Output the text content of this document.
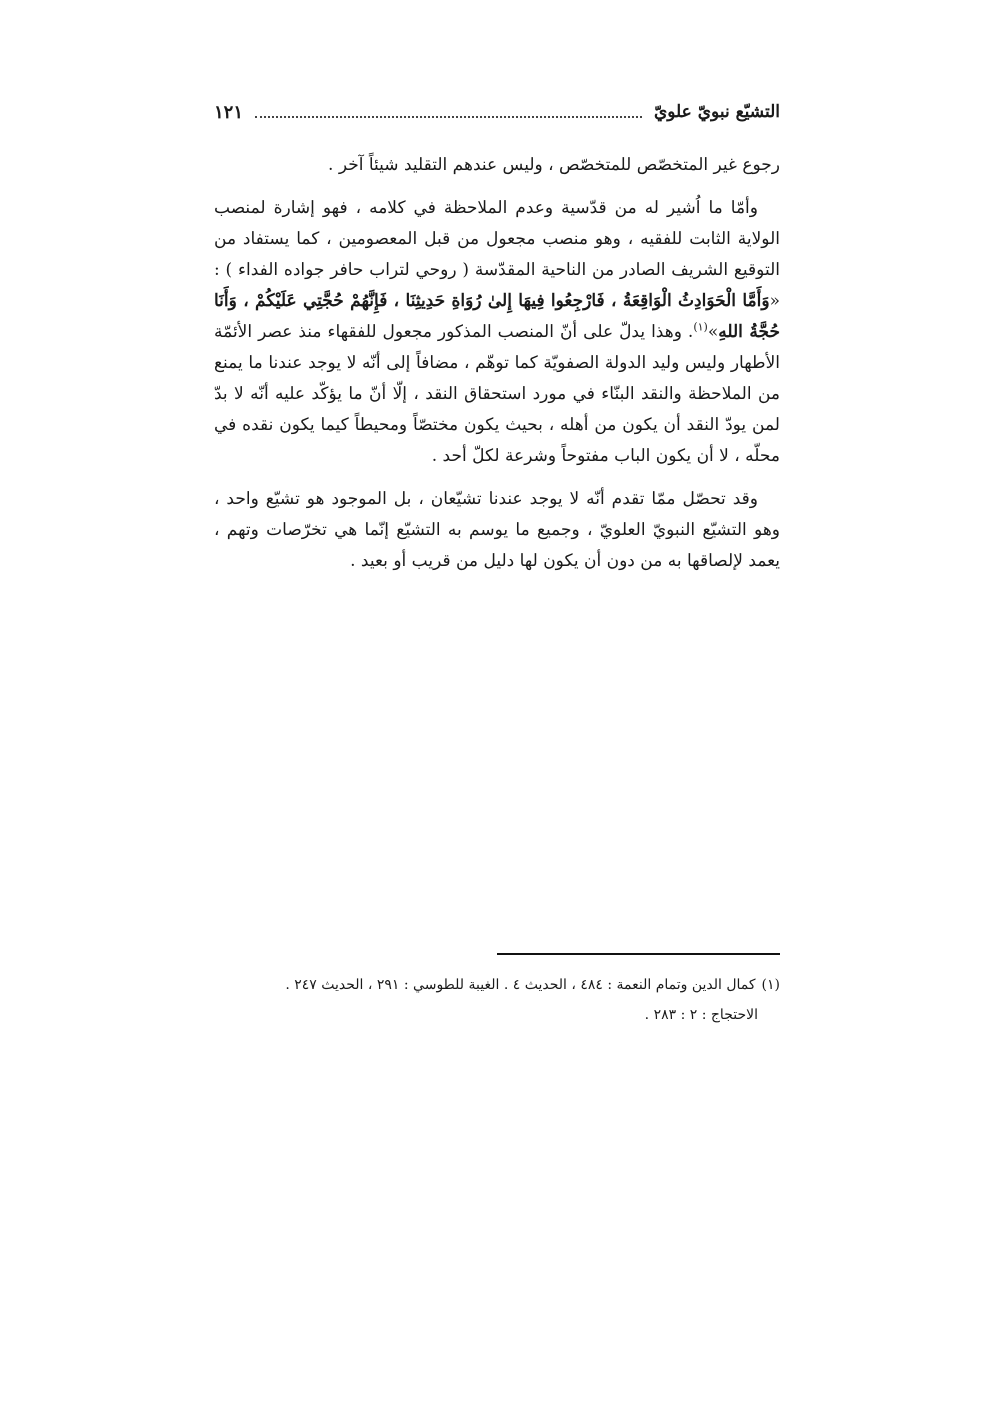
التشيّع نبويّ علويّ
١٢١

رجوع غير المتخصّص للمتخصّص ، وليس عندهم التقليد شيئاً آخر .

وأمّا ما اُشير له من قدّسية وعدم الملاحظة في كلامه ، فهو إشارة لمنصب الولاية الثابت للفقيه ، وهو منصب مجعول من قبل المعصومين ، كما يستفاد من التوقيع الشريف الصادر من الناحية المقدّسة ( روحي لتراب حافر جواده الفداء ) : «وَأَمَّا الْحَوَادِثُ الْوَاقِعَةُ ، فَارْجِعُوا فِيهَا إِلىٰ رُوَاةِ حَدِيثِنَا ، فَإِنَّهُمْ حُجَّتِي عَلَيْكُمْ ، وَأَنَا حُجَّةُ اللهِ»$^{(١)}$. وهذا يدلّ على أنّ المنصب المذكور مجعول للفقهاء منذ عصر الأئمّة الأطهار وليس وليد الدولة الصفويّة كما توهّم ، مضافاً إلى أنّه لا يوجد عندنا ما يمنع من الملاحظة والنقد البنّاء في مورد استحقاق النقد ، إلّا أنّ ما يؤكّد عليه أنّه لا بدّ لمن يودّ النقد أن يكون من أهله ، بحيث يكون مختصّاً ومحيطاً كيما يكون نقده في محلّه ، لا أن يكون الباب مفتوحاً وشرعة لكلّ أحد .

وقد تحصّل ممّا تقدم أنّه لا يوجد عندنا تشيّعان ، بل الموجود هو تشيّع واحد ، وهو التشيّع النبويّ العلويّ ، وجميع ما يوسم به التشيّع إنّما هي تخرّصات وتهم ، يعمد لإلصاقها به من دون أن يكون لها دليل من قريب أو بعيد .

(١)كمال الدين وتمام النعمة : ٤٨٤ ، الحديث ٤ . الغيبة للطوسي : ٢٩١ ، الحديث ٢٤٧ .

الاحتجاج : ٢ : ٢٨٣ .
